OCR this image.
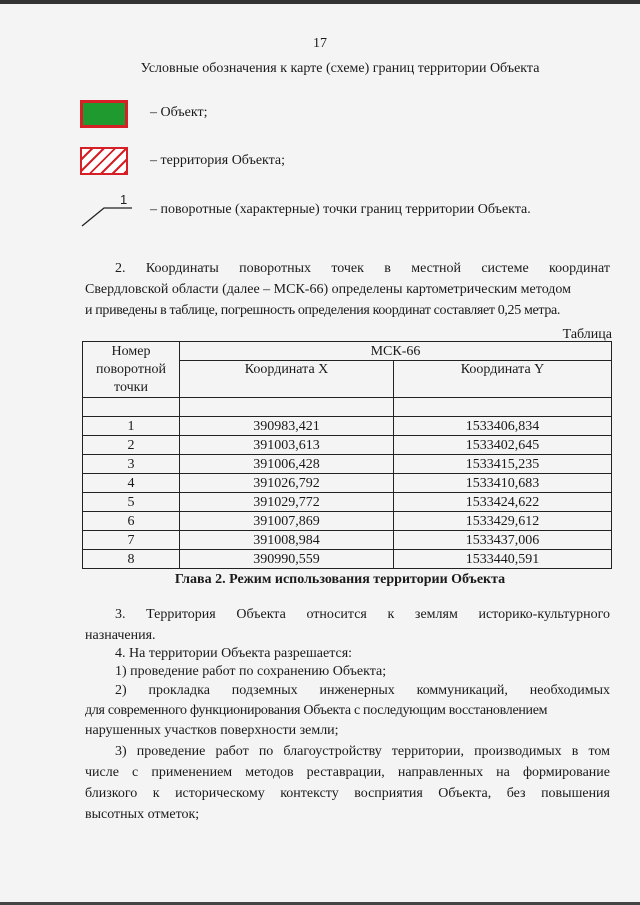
17
Условные обозначения к карте (схеме) границ территории Объекта
– Объект;
– территория Объекта;
1
– поворотные (характерные) точки границ территории Объекта.
2. Координаты поворотных точек в местной системе координат
Свердловской области (далее – МСК-66) определены картометрическим методом
и приведены в таблице, погрешность определения координат составляет 0,25 метра.
Таблица
Номер
поворотной
точки	МСК-66	
	Координата X	Координата Y

1	390983,421	1533406,834
2	391003,613	1533402,645
3	391006,428	1533415,235
4	391026,792	1533410,683
5	391029,772	1533424,622
6	391007,869	1533429,612
7	391008,984	1533437,006
8	390990,559	1533440,591
Глава 2. Режим использования территории Объекта
3. Территория Объекта относится к землям историко-культурного
назначения.
4. На территории Объекта разрешается:
1) проведение работ по сохранению Объекта;
2) прокладка подземных инженерных коммуникаций, необходимых
для современного функционирования Объекта с последующим восстановлением
нарушенных участков поверхности земли;
3) проведение работ по благоустройству территории, производимых в том
числе с применением методов реставрации, направленных на формирование
близкого к историческому контексту восприятия Объекта, без повышения
высотных отметок;
